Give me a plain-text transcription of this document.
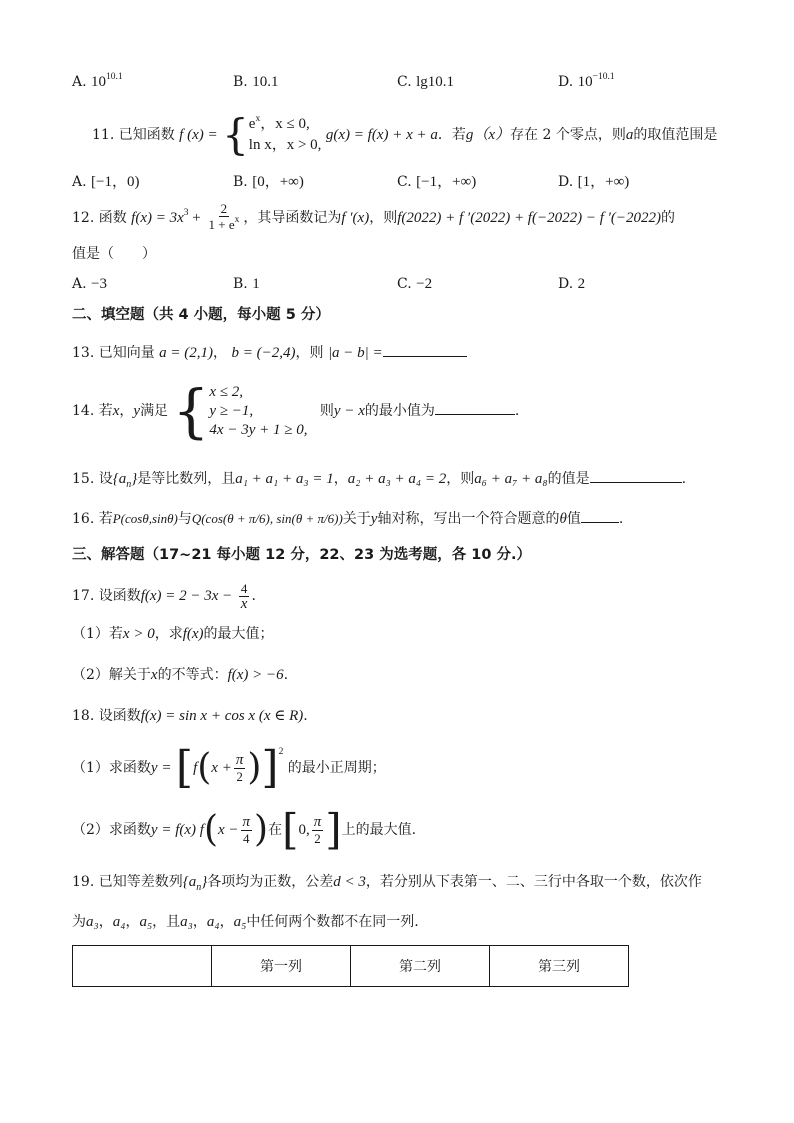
A. $10^{10.1}$	B. 10.1	C. lg10.1	D. $10^{-10.1}$
11. 已知函数 f (x) = { $e^x$，x ≤ 0,
ln x，x > 0,
g(x) = f(x) + x + a．若g（x）存在 2 个零点，则a的取值范围是
A. [−1，0)	B. [0，+∞)	C. [−1，+∞)	D. [1，+∞)
12. 函数 $f(x) = 3x^3 + \frac{2}{1 + e^x}$ ，其导函数记为f ′(x)，则f(2022) + f ′(2022) + f(−2022) − f ′(−2022)的
值是（　　）
A. −3	B. 1	C. −2	D. 2
二、填空题（共 4 小题，每小题 5 分）
13. 已知向量 a = (2,1)， b = (−2,4)，则 |a − b| =
14. 若x，y满足 { x ≤ 2,
y ≥ −1,
4x − 3y + 1 ≥ 0,
则y − x的最小值为	.
15. 设$\{a_n\}$是等比数列，且a₁ + a₁ + a₃ = 1，a₂ + a₃ + a₄ = 2，则a₆ + a₇ + a₈的值是	.
16. 若P(cosθ,sinθ)与Q(cos(θ + π/6), sin(θ + π/6))关于y轴对称，写出一个符合题意的θ值	.
三、解答题（17~21 每小题 12 分，22、23 为选考题，各 10 分.）
17. 设函数$f(x) = 2 - 3x - \frac{4}{x}$ .
（1）若x > 0，求f(x)的最大值；
（2）解关于x的不等式：f(x) > −6.
18. 设函数f(x) = sin x + cos x (x ∈ R).
（1）求函数$y = [f(x + \frac{\pi}{2} )]^2$ 的最小正周期；
（2）求函数y = f(x) $f(x - \frac{\pi}{4}$ )在[0, $\frac{\pi}{2}$ ]上的最大值.
19. 已知等差数列$\{a_n\}$各项均为正数，公差d < 3，若分别从下表第一、二、三行中各取一个数，依次作
为a₃，a₄，a₅，且a₃，a₄，a₅中任何两个数都不在同一列.
	第一列	第二列	第三列
